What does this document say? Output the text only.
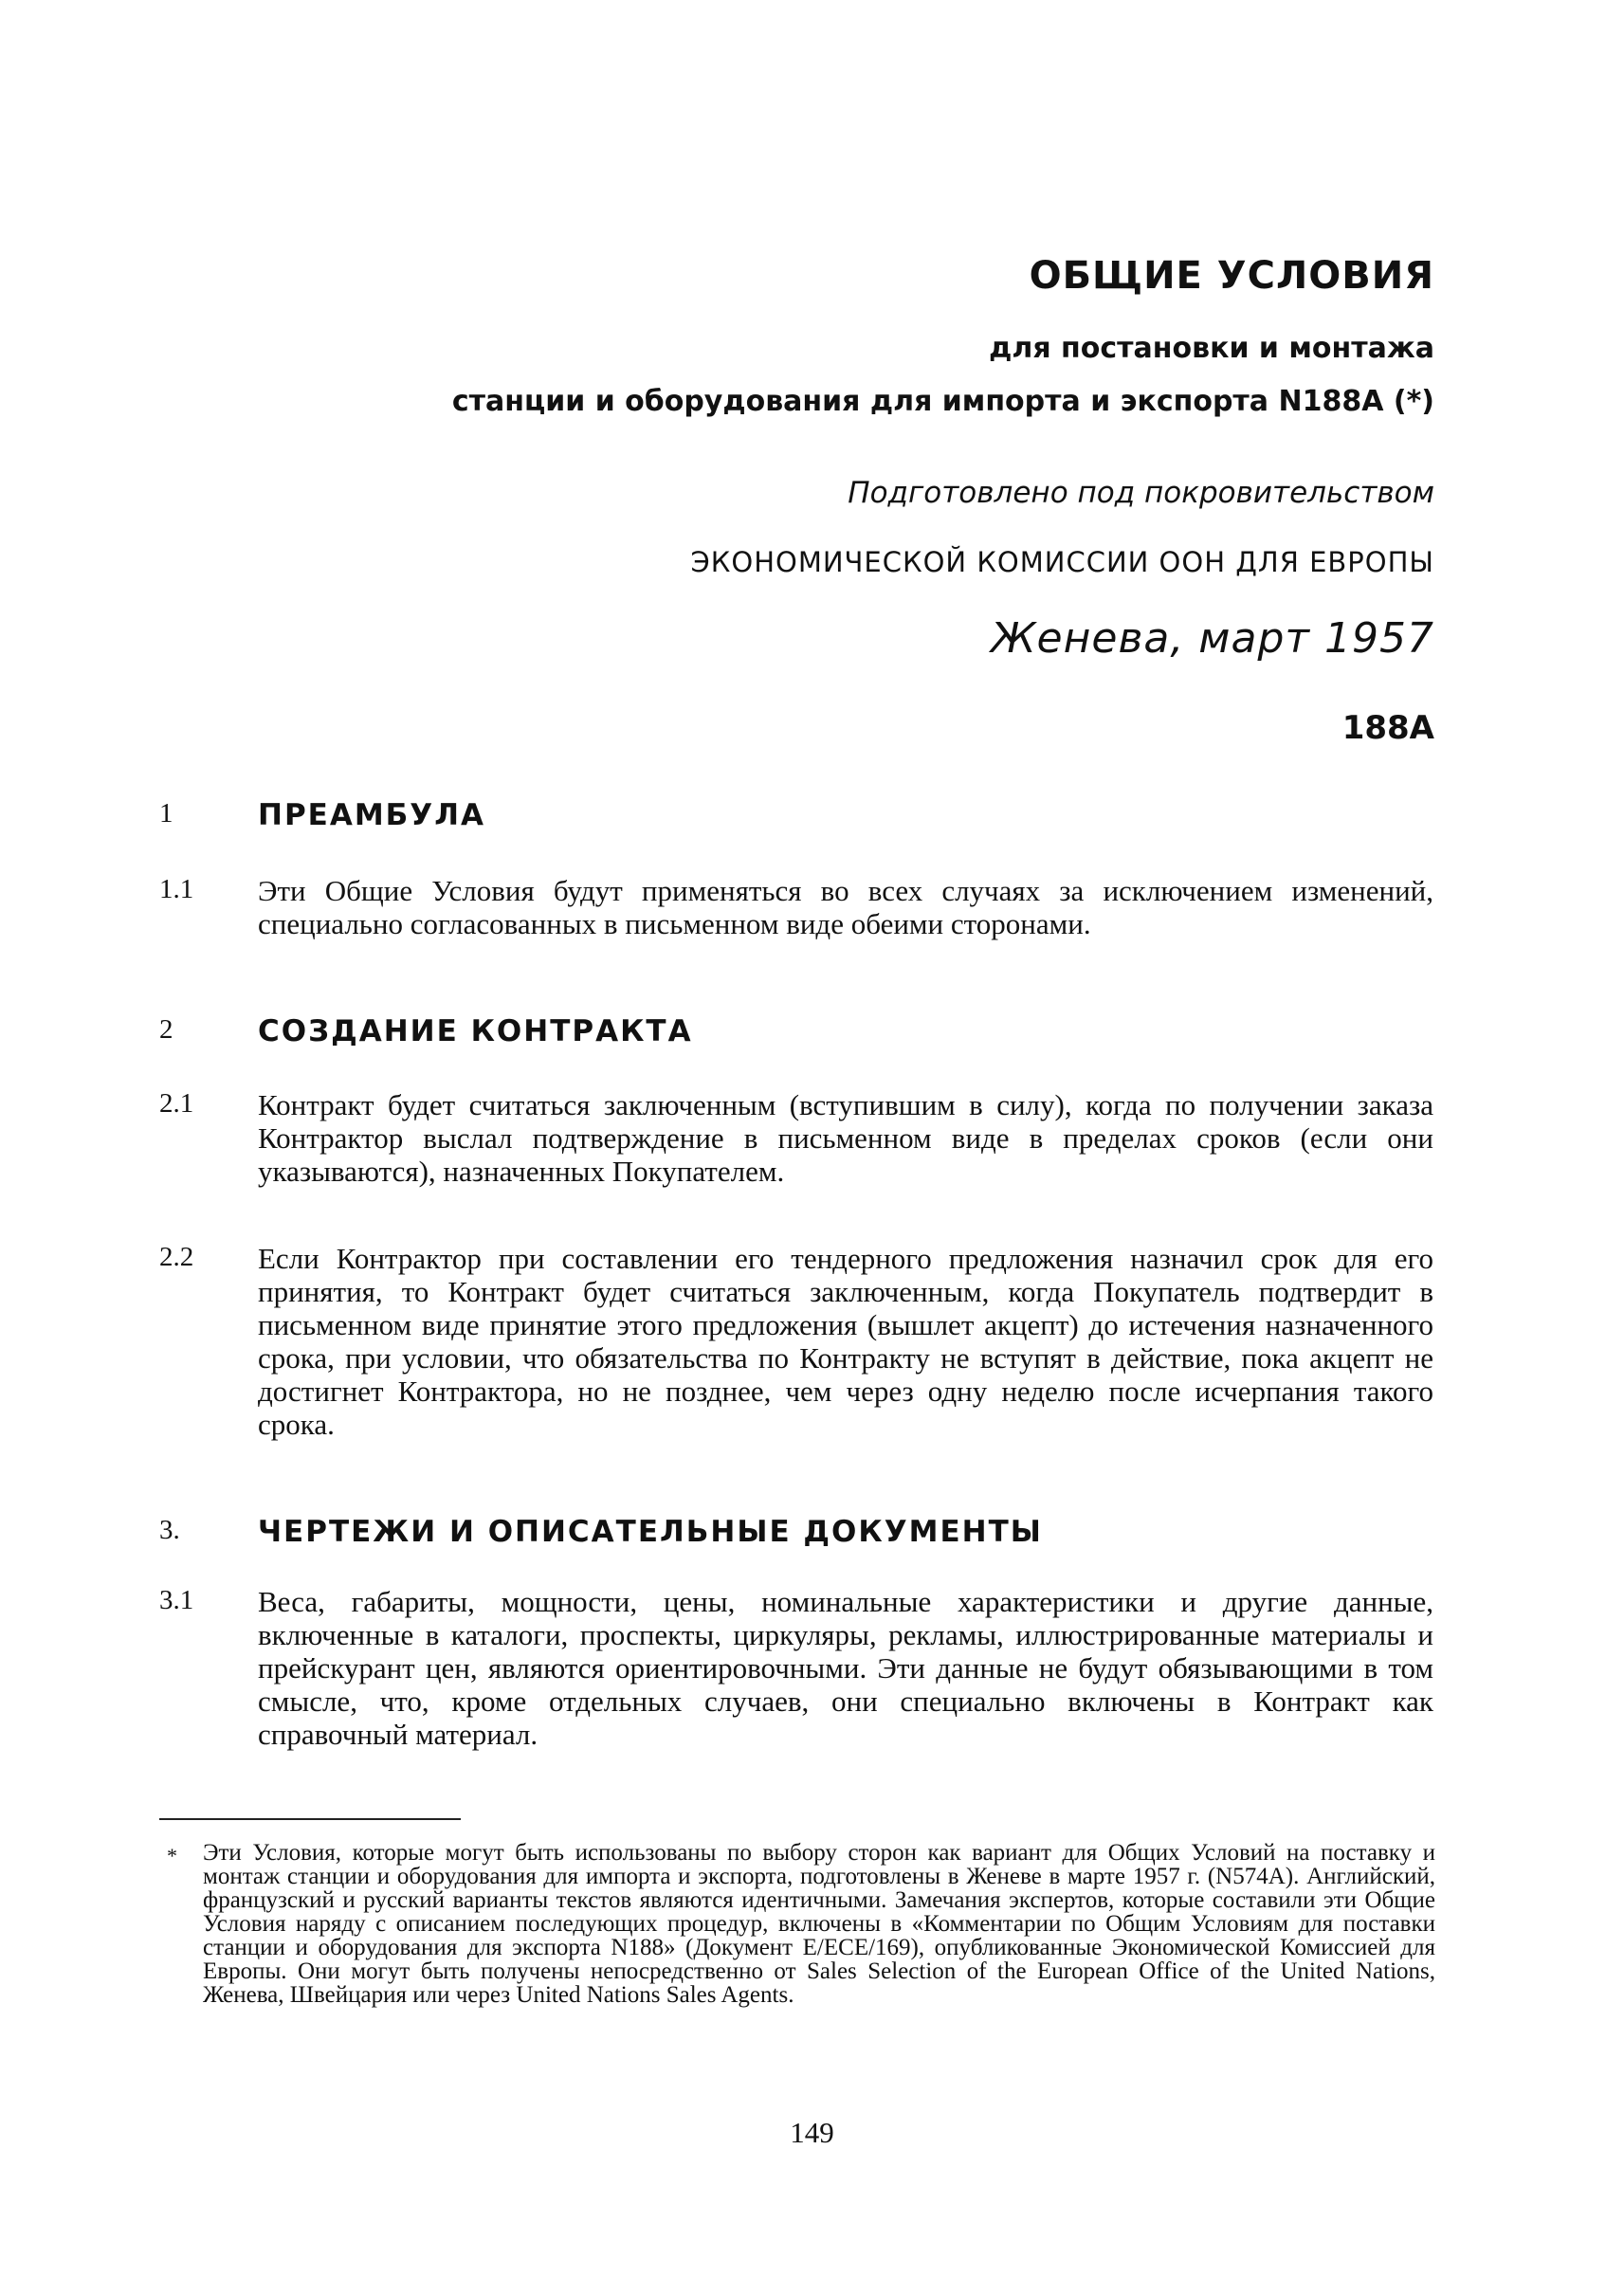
ОБЩИЕ УСЛОВИЯ
для постановки и монтажа
станции и оборудования для импорта и экспорта N188A (*)
Подготовлено под покровительством
ЭКОНОМИЧЕСКОЙ КОМИССИИ ООН ДЛЯ ЕВРОПЫ
Женева, март 1957
188A
1	ПРЕАМБУЛА
1.1 Эти Общие Условия будут применяться во всех случаях за исключением изменений, специально согласованных в письменном виде обеими сторонами.
2	СОЗДАНИЕ КОНТРАКТА
2.1 Контракт будет считаться заключенным (вступившим в силу), когда по получении заказа Контрактор выслал подтверждение в письменном виде в пределах сроков (если они указываются), назначенных Покупателем.
2.2 Если Контрактор при составлении его тендерного предложения назначил срок для его принятия, то Контракт будет считаться заключенным, когда Покупатель подтвердит в письменном виде принятие этого предложения (вышлет акцепт) до истечения назначенного срока, при условии, что обязательства по Контракту не вступят в действие, пока акцепт не достигнет Контрактора, но не позднее, чем через одну неделю после исчерпания такого срока.
3.	ЧЕРТЕЖИ И ОПИСАТЕЛЬНЫЕ ДОКУМЕНТЫ
3.1 Веса, габариты, мощности, цены, номинальные характеристики и другие данные, включенные в каталоги, проспекты, циркуляры, рекламы, иллюстрированные материалы и прейскурант цен, являются ориентировочными. Эти данные не будут обязывающими в том смысле, что, кроме отдельных случаев, они специально включены в Контракт как справочный материал.
* Эти Условия, которые могут быть использованы по выбору сторон как вариант для Общих Условий на поставку и монтаж станции и оборудования для импорта и экспорта, подготовлены в Женеве в марте 1957 г. (N574A). Английский, французский и русский варианты текстов являются идентичными. Замечания экспертов, которые составили эти Общие Условия наряду с описанием последующих процедур, включены в «Комментарии по Общим Условиям для поставки станции и оборудования для экспорта N188» (Документ E/ECE/169), опубликованные Экономической Комиссией для Европы. Они могут быть получены непосредственно от Sales Selection of the European Office of the United Nations, Женева, Швейцария или через United Nations Sales Agents.
149
